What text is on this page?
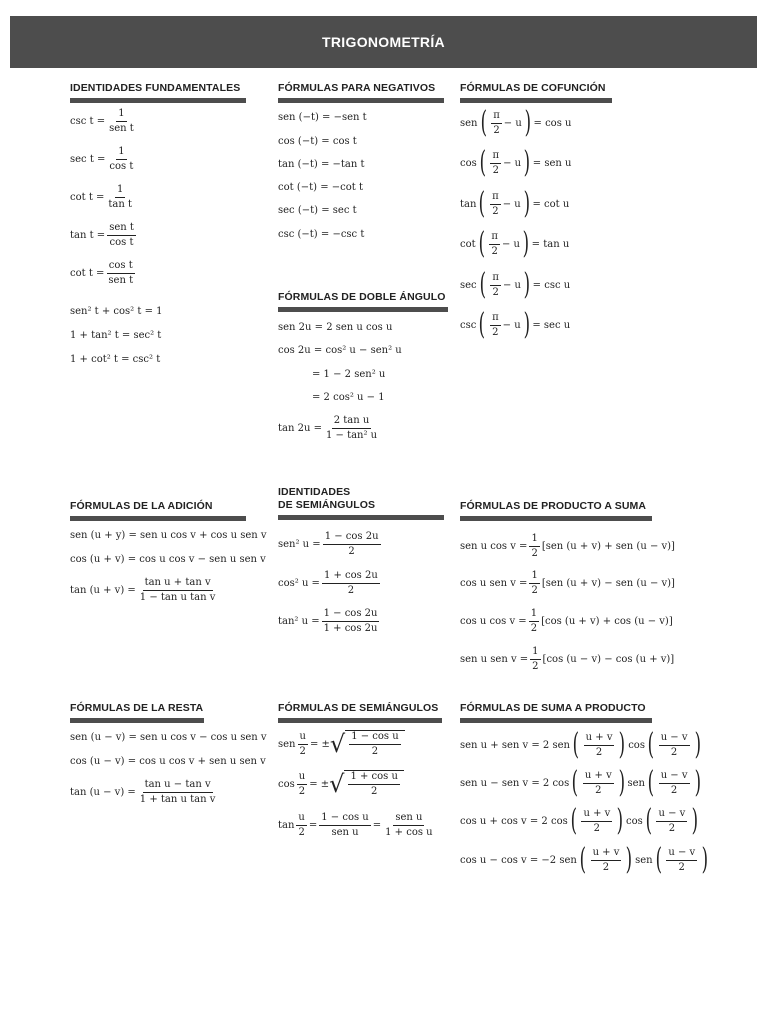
TRIGONOMETRÍA
IDENTIDADES FUNDAMENTALES
$\csc t = \frac{1}{\text{sen t}}$
$\sec t = \frac{1}{\text{cos t}}$
$\cot t = \frac{1}{\text{tan t}}$
$\tan t = \frac{\text{sen t}}{\text{cos t}}$
$\cot t = \frac{\text{cos t}}{\text{sen t}}$
sen² t + cos² t = 1
1 + tan² t = sec² t
1 + cot² t = csc² t
FÓRMULAS PARA NEGATIVOS
sen (−t) = −sen t
cos (−t) = cos t
tan (−t) = −tan t
cot (−t) = −cot t
sec (−t) = sec t
csc (−t) = −csc t
FÓRMULAS DE COFUNCIÓN
sen ( $\frac{\pi}{2} - u$ ) = cos u
cos ( $\frac{\pi}{2} - u$ ) = sen u
tan ( $\frac{\pi}{2} - u$ ) = cot u
cot ( $\frac{\pi}{2} - u$ ) = tan u
sec ( $\frac{\pi}{2} - u$ ) = csc u
csc ( $\frac{\pi}{2} - u$ ) = sec u
FÓRMULAS DE DOBLE ÁNGULO
sen 2u = 2 sen u cos u
cos 2u = cos² u − sen² u
= 1 − 2 sen² u
= 2 cos² u − 1
$\tan 2u = \frac{\text{2 tan u}}{\text{1 − tan² u}}$
FÓRMULAS DE LA ADICIÓN
sen (u + y) = sen u cos v + cos u sen v
cos (u + v) = cos u cos v − sen u sen v
$\tan (u + v) = \frac{\text{tan u + tan v}}{\text{1 − tan u tan v}}$
IDENTIDADES
DE SEMIÁNGULOS
sen² $u = \frac{1 - \cos 2u}{2}$
cos² $u = \frac{1 + \cos 2u}{2}$
tan² $u = \frac{1 - \cos 2u}{1 + \cos 2u}$
FÓRMULAS DE PRODUCTO A SUMA
sen u $\cos v = \frac{1}{2} [sen$ (u + v) + sen (u − v)]
cos u sen $v = \frac{1}{2} [sen$ (u + v) − sen (u − v)]
cos u $\cos v = \frac{1}{2} [\cos$ (u + v) + cos (u − v)]
sen u sen $v = \frac{1}{2} [\cos$ (u − v) − cos (u + v)]
FÓRMULAS DE LA RESTA
sen (u − v) = sen u cos v − cos u sen v
cos (u − v) = cos u cos v + sen u sen v
$\tan (u - v) = \frac{\text{tan u − tan v}}{\text{1 + tan u tan v}}$
FÓRMULAS DE SEMIÁNGULOS
sen $\frac{u}{2}$ = ± √ $\frac{\text{1 − cos u}}{2}$
$\cos \frac{u}{2}$ = ± √ $\frac{\text{1 + cos u}}{2}$
$\tan \frac{u}{2} = \frac{\text{1 − cos u}}{\text{sen u}} = \frac{\text{sen u}}{\text{1 + cos u}}$
FÓRMULAS DE SUMA A PRODUCTO
sen u + sen v = 2 sen ( $\frac{u + v}{2}$ ) cos ( $\frac{u - v}{2}$ )
sen u − sen v = 2 cos ( $\frac{u + v}{2}$ ) sen ( $\frac{u - v}{2}$ )
cos u + cos v = 2 cos ( $\frac{u + v}{2}$ ) cos ( $\frac{u - v}{2}$ )
cos u − cos v = −2 sen ( $\frac{u + v}{2}$ ) sen ( $\frac{u - v}{2}$ )
